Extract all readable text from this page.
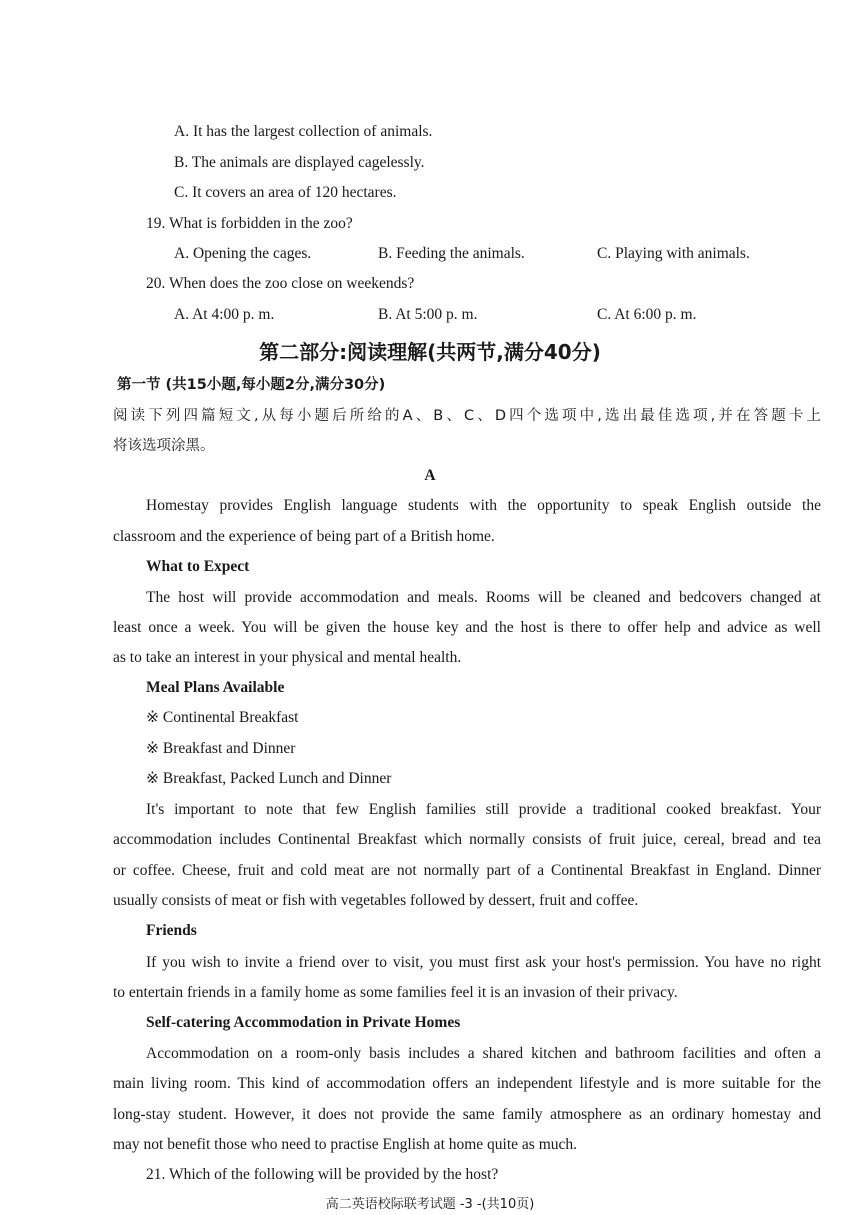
A. It has the largest collection of animals.
B. The animals are displayed cagelessly.
C. It covers an area of 120 hectares.
19. What is forbidden in the zoo?
A. Opening the cages.	B. Feeding the animals.	C. Playing with animals.
20. When does the zoo close on weekends?
A. At 4:00 p. m.	B. At 5:00 p. m.	C. At 6:00 p. m.
第二部分:阅读理解(共两节,满分40分)
第一节 (共15小题,每小题2分,满分30分)
阅读下列四篇短文,从每小题后所给的A、B、C、D四个选项中,选出最佳选项,并在答题卡上
将该选项涂黑。
A
Homestay provides English language students with the opportunity to speak English outside the
classroom and the experience of being part of a British home.
What to Expect
The host will provide accommodation and meals. Rooms will be cleaned and bedcovers changed at
least once a week. You will be given the house key and the host is there to offer help and advice as well
as to take an interest in your physical and mental health.
Meal Plans Available
※ Continental Breakfast
※ Breakfast and Dinner
※ Breakfast, Packed Lunch and Dinner
It's important to note that few English families still provide a traditional cooked breakfast. Your
accommodation includes Continental Breakfast which normally consists of fruit juice, cereal, bread and tea
or coffee. Cheese, fruit and cold meat are not normally part of a Continental Breakfast in England. Dinner
usually consists of meat or fish with vegetables followed by dessert, fruit and coffee.
Friends
If you wish to invite a friend over to visit, you must first ask your host's permission. You have no right
to entertain friends in a family home as some families feel it is an invasion of their privacy.
Self-catering Accommodation in Private Homes
Accommodation on a room-only basis includes a shared kitchen and bathroom facilities and often a
main living room. This kind of accommodation offers an independent lifestyle and is more suitable for the
long-stay student. However, it does not provide the same family atmosphere as an ordinary homestay and
may not benefit those who need to practise English at home quite as much.
21. Which of the following will be provided by the host?
高二英语校际联考试题 -3 -(共10页)
